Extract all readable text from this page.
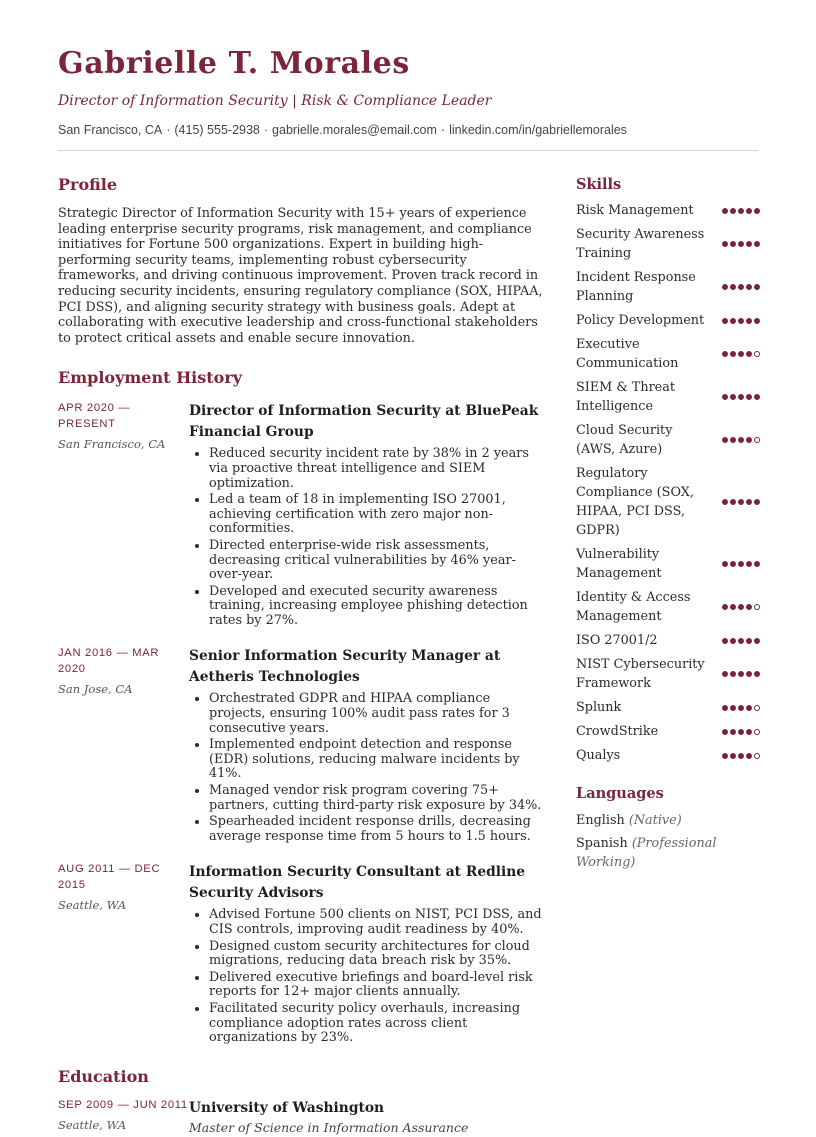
Gabrielle T. Morales
Director of Information Security | Risk & Compliance Leader
San Francisco, CA · (415) 555-2938 · gabrielle.morales@email.com · linkedin.com/in/gabriellemorales
Profile
Strategic Director of Information Security with 15+ years of experience leading enterprise security programs, risk management, and compliance initiatives for Fortune 500 organizations. Expert in building high-performing security teams, implementing robust cybersecurity frameworks, and driving continuous improvement. Proven track record in reducing security incidents, ensuring regulatory compliance (SOX, HIPAA, PCI DSS), and aligning security strategy with business goals. Adept at collaborating with executive leadership and cross-functional stakeholders to protect critical assets and enable secure innovation.
Employment History
APR 2020 — PRESENT
San Francisco, CA
Director of Information Security at BluePeak Financial Group
• Reduced security incident rate by 38% in 2 years via proactive threat intelligence and SIEM optimization.
• Led a team of 18 in implementing ISO 27001, achieving certification with zero major non-conformities.
• Directed enterprise-wide risk assessments, decreasing critical vulnerabilities by 46% year-over-year.
• Developed and executed security awareness training, increasing employee phishing detection rates by 27%.
JAN 2016 — MAR 2020
San Jose, CA
Senior Information Security Manager at Aetheris Technologies
• Orchestrated GDPR and HIPAA compliance projects, ensuring 100% audit pass rates for 3 consecutive years.
• Implemented endpoint detection and response (EDR) solutions, reducing malware incidents by 41%.
• Managed vendor risk program covering 75+ partners, cutting third-party risk exposure by 34%.
• Spearheaded incident response drills, decreasing average response time from 5 hours to 1.5 hours.
AUG 2011 — DEC 2015
Seattle, WA
Information Security Consultant at Redline Security Advisors
• Advised Fortune 500 clients on NIST, PCI DSS, and CIS controls, improving audit readiness by 40%.
• Designed custom security architectures for cloud migrations, reducing data breach risk by 35%.
• Delivered executive briefings and board-level risk reports for 12+ major clients annually.
• Facilitated security policy overhauls, increasing compliance adoption rates across client organizations by 23%.
Education
SEP 2009 — JUN 2011
Seattle, WA
University of Washington
Master of Science in Information Assurance
Skills
Risk Management
Security Awareness Training
Incident Response Planning
Policy Development
Executive Communication
SIEM & Threat Intelligence
Cloud Security (AWS, Azure)
Regulatory Compliance (SOX, HIPAA, PCI DSS, GDPR)
Vulnerability Management
Identity & Access Management
ISO 27001/2
NIST Cybersecurity Framework
Splunk
CrowdStrike
Qualys
Languages
English (Native)
Spanish (Professional Working)
